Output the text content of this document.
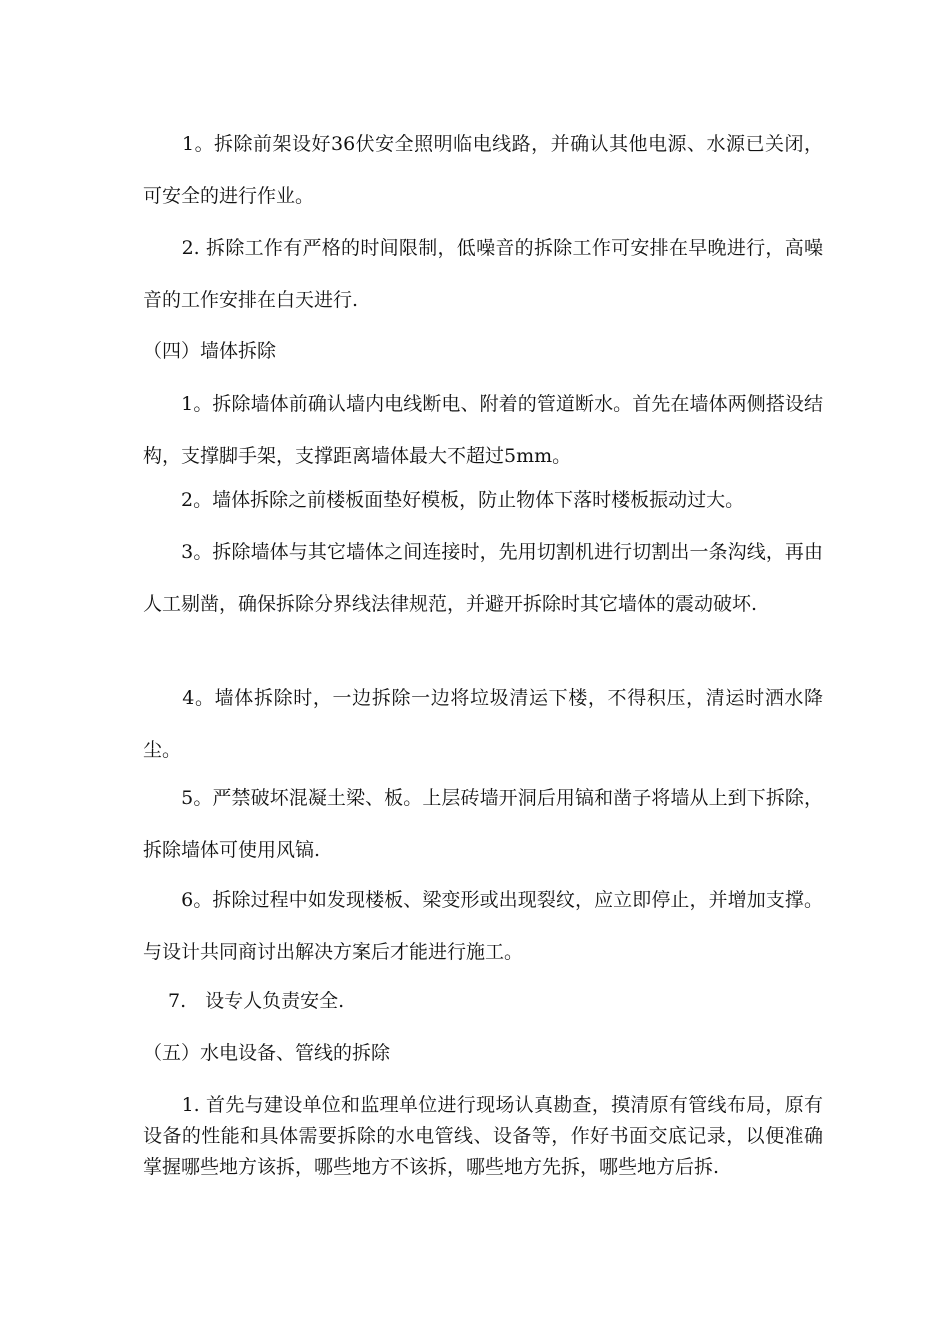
　　1。拆除前架设好36伏安全照明临电线路，并确认其他电源、水源已关闭，可安全的进行作业。

　　2. 拆除工作有严格的时间限制，低噪音的拆除工作可安排在早晚进行，高噪音的工作安排在白天进行.

（四）墙体拆除

　　1。拆除墙体前确认墙内电线断电、附着的管道断水。首先在墙体两侧搭设结构，支撑脚手架，支撑距离墙体最大不超过5mm。

　　2。墙体拆除之前楼板面垫好模板，防止物体下落时楼板振动过大。

　　3。拆除墙体与其它墙体之间连接时，先用切割机进行切割出一条沟线，再由人工剔凿，确保拆除分界线法律规范，并避开拆除时其它墙体的震动破坏.

　　4。墙体拆除时，一边拆除一边将垃圾清运下楼，不得积压，清运时洒水降尘。

　　5。严禁破坏混凝土梁、板。上层砖墙开洞后用镐和凿子将墙从上到下拆除，拆除墙体可使用风镐.

　　6。拆除过程中如发现楼板、梁变形或出现裂纹，应立即停止，并增加支撑。与设计共同商讨出解决方案后才能进行施工。

　 7.　设专人负责安全.

（五）水电设备、管线的拆除

　　1. 首先与建设单位和监理单位进行现场认真勘查，摸清原有管线布局，原有设备的性能和具体需要拆除的水电管线、设备等，作好书面交底记录，以便准确掌握哪些地方该拆，哪些地方不该拆，哪些地方先拆，哪些地方后拆.
